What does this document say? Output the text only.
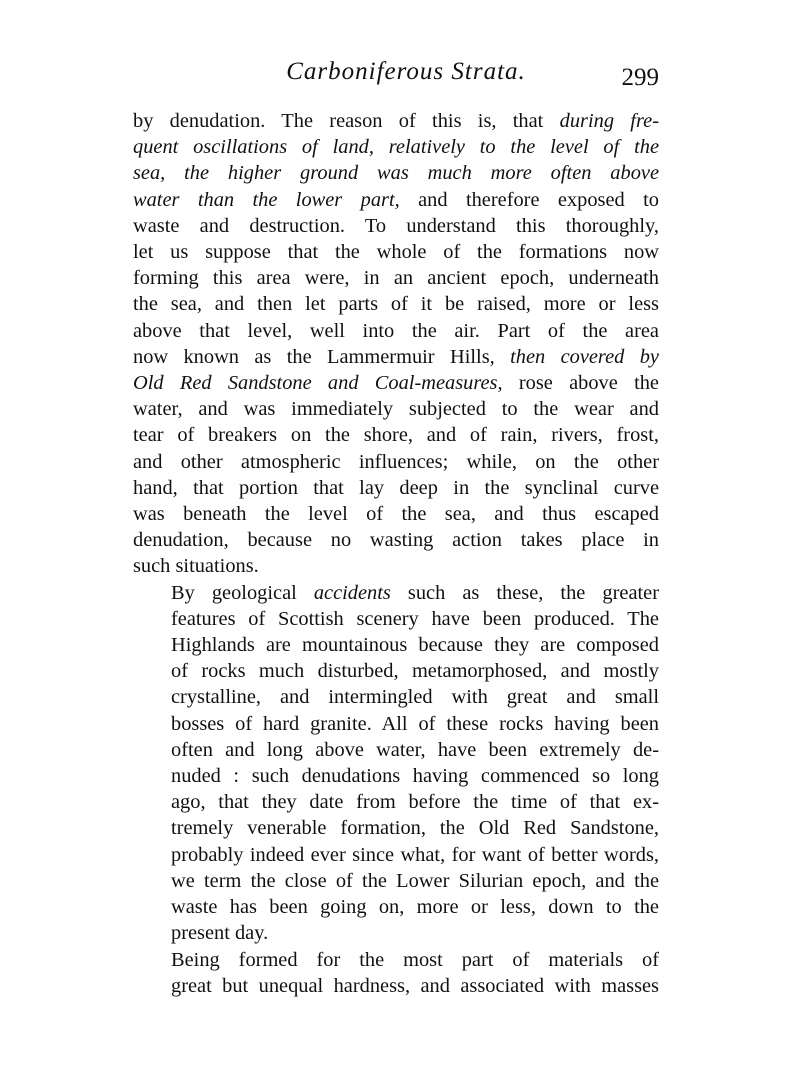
Carboniferous Strata.	299

by denudation. The reason of this is, that during fre-
quent oscillations of land, relatively to the level of the
sea, the higher ground was much more often above
water than the lower part, and therefore exposed to
waste and destruction. To understand this thoroughly,
let us suppose that the whole of the formations now
forming this area were, in an ancient epoch, underneath
the sea, and then let parts of it be raised, more or less
above that level, well into the air. Part of the area
now known as the Lammermuir Hills, then covered by
Old Red Sandstone and Coal-measures, rose above the
water, and was immediately subjected to the wear and
tear of breakers on the shore, and of rain, rivers, frost,
and other atmospheric influences; while, on the other
hand, that portion that lay deep in the synclinal curve
was beneath the level of the sea, and thus escaped
denudation, because no wasting action takes place in
such situations.

By geological accidents such as these, the greater
features of Scottish scenery have been produced. The
Highlands are mountainous because they are composed
of rocks much disturbed, metamorphosed, and mostly
crystalline, and intermingled with great and small
bosses of hard granite. All of these rocks having been
often and long above water, have been extremely de-
nuded : such denudations having commenced so long
ago, that they date from before the time of that ex-
tremely venerable formation, the Old Red Sandstone,
probably indeed ever since what, for want of better words,
we term the close of the Lower Silurian epoch, and the
waste has been going on, more or less, down to the
present day.

Being formed for the most part of materials of
great but unequal hardness, and associated with masses
